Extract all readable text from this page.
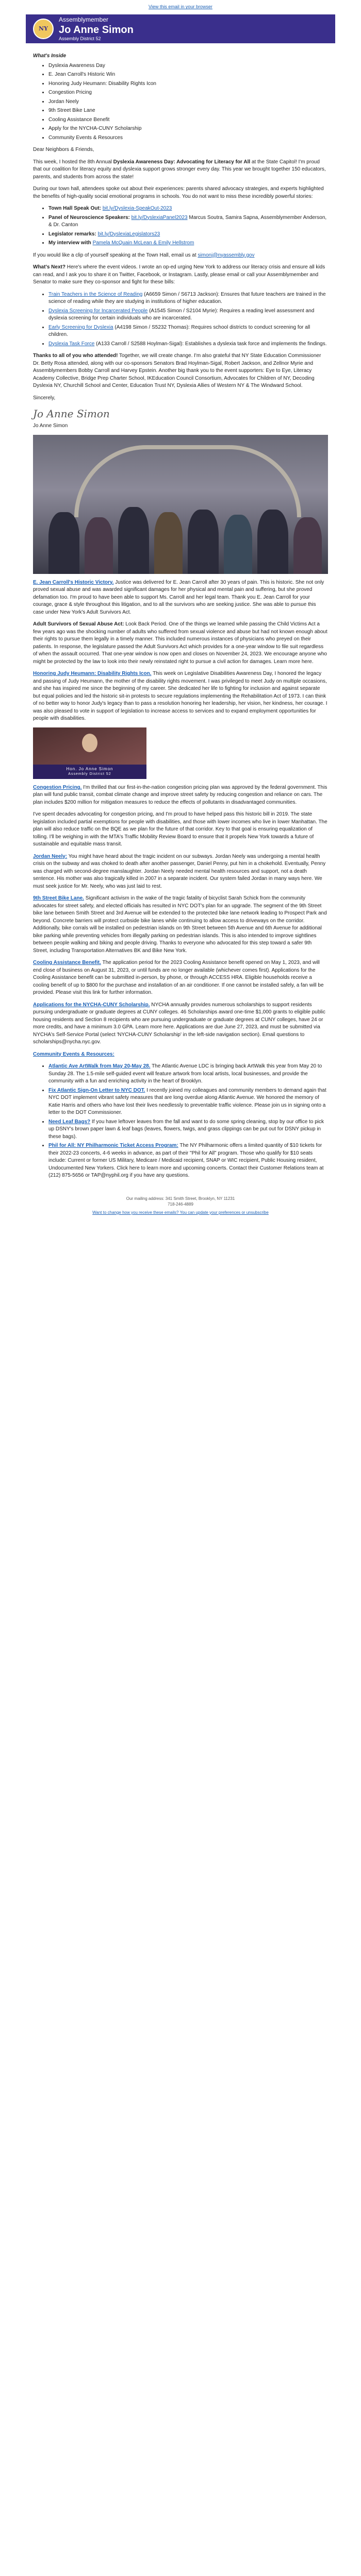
View this email in your browser
NY
Assemblymember
Jo Anne Simon
Assembly District 52
What's Inside
• Dyslexia Awareness Day
• E. Jean Carroll's Historic Win
• Honoring Judy Heumann: Disability Rights Icon
• Congestion Pricing
• Jordan Neely
• 9th Street Bike Lane
• Cooling Assistance Benefit
• Apply for the NYCHA-CUNY Scholarship
• Community Events & Resources

Dear Neighbors & Friends,

This week, I hosted the 8th Annual Dyslexia Awareness Day: Advocating for Literacy for All at the State Capitol! I'm proud that our coalition for literacy equity and dyslexia support grows stronger every day. This year we brought together 150 educators, parents, and students from across the state!

During our town hall, attendees spoke out about their experiences: parents shared advocacy strategies, and experts highlighted the benefits of high-quality social emotional programs in schools. You do not want to miss these incredibly powerful stories:

• Town Hall Speak Out: bit.ly/Dyslexia-SpeakOut-2023
• Panel of Neuroscience Speakers: bit.ly/DyslexiaPanel2023 Marcus Soutra, Samira Sapna, Assemblymember Anderson, & Dr. Canton
• Legislator remarks: bit.ly/DyslexiaLegislators23
• My interview with Pamela McQuain McLean & Emily Hellstrom

If you would like a clip of yourself speaking at the Town Hall, email us at simonj@nyassembly.gov

What's Next? Here's where the event videos. I wrote an op-ed urging New York to address our literacy crisis and ensure all kids can read, and I ask you to share it on Twitter, Facebook, or Instagram. Lastly, please email or call your Assemblymember and Senator to make sure they co-sponsor and fight for these bills:

• Train Teachers in the Science of Reading (A6659 Simon / S6713 Jackson): Ensures that future teachers are trained in the science of reading while they are studying in institutions of higher education.
• Dyslexia Screening for Incarcerated People (A1545 Simon / S2104 Myrie): Requires a reading level assessment and dyslexia screening for certain individuals who are incarcerated.
• Early Screening for Dyslexia (A4198 Simon / S5232 Thomas): Requires school districts to conduct screening for all children.
• Dyslexia Task Force (A133 Carroll / S2588 Hoylman-Sigal): Establishes a dyslexia task force and implements the findings.

Thanks to all of you who attended! Together, we will create change. I'm also grateful that NY State Education Commissioner Dr. Betty Rosa attended, along with our co-sponsors Senators Brad Hoylman-Sigal, Robert Jackson, and Zellnor Myrie and Assemblymembers Bobby Carroll and Harvey Epstein. Another big thank you to the event supporters: Eye to Eye, Literacy Academy Collective, Bridge Prep Charter School, IKEducation Council Consortium, Advocates for Children of NY, Decoding Dyslexia NY, Churchill School and Center, Education Trust NY, Dyslexia Allies of Western NY & The Windward School.

Sincerely,

Jo Anne Simon

Jo Anne Simon

E. Jean Carroll's Historic Victory. Justice was delivered for E. Jean Carroll after 30 years of pain. This is historic. She not only proved sexual abuse and was awarded significant damages for her physical and mental pain and suffering, but she proved defamation too. I'm proud to have been able to support Ms. Carroll and her legal team. Thank you E. Jean Carroll for your courage, grace & style throughout this litigation, and to all the survivors who are seeking justice. She was able to pursue this case under New York's Adult Survivors Act.

Adult Survivors of Sexual Abuse Act: Look Back Period. One of the things we learned while passing the Child Victims Act a few years ago was the shocking number of adults who suffered from sexual violence and abuse but had not known enough about their rights to pursue them legally in a timely manner. This included numerous instances of physicians who preyed on their patients. In response, the legislature passed the Adult Survivors Act which provides for a one-year window to file suit regardless of when the assault occurred. That one-year window is now open and closes on November 24, 2023. We encourage anyone who might be protected by the law to look into their newly reinstated right to pursue a civil action for damages. Learn more here.

Honoring Judy Heumann: Disability Rights Icon. This week on Legislative Disabilities Awareness Day, I honored the legacy and passing of Judy Heumann, the mother of the disability rights movement. I was privileged to meet Judy on multiple occasions, and she has inspired me since the beginning of my career. She dedicated her life to fighting for inclusion and against separate but equal policies and led the historic sit-in protests to secure regulations implementing the Rehabilitation Act of 1973. I can think of no better way to honor Judy's legacy than to pass a resolution honoring her leadership, her vision, her kindness, her courage. I was also pleased to vote in support of legislation to increase access to services and to expand employment opportunities for people with disabilities.

Hon. Jo Anne Simon
Assembly District 52

Congestion Pricing. I'm thrilled that our first-in-the-nation congestion pricing plan was approved by the federal government. This plan will fund public transit, combat climate change and improve street safety by reducing congestion and reliance on cars. The plan includes $200 million for mitigation measures to reduce the effects of pollutants in disadvantaged communities.

I've spent decades advocating for congestion pricing, and I'm proud to have helped pass this historic bill in 2019. The state legislation included partial exemptions for people with disabilities, and those with lower incomes who live in lower Manhattan. The plan will also reduce traffic on the BQE as we plan for the future of that corridor. Key to that goal is ensuring equalization of tolling. I'll be weighing in with the MTA's Traffic Mobility Review Board to ensure that it propels New York towards a future of sustainable and equitable mass transit.

Jordan Neely: You might have heard about the tragic incident on our subways. Jordan Neely was undergoing a mental health crisis on the subway and was choked to death after another passenger, Daniel Penny, put him in a chokehold. Eventually, Penny was charged with second-degree manslaughter. Jordan Neely needed mental health resources and support, not a death sentence. His mother was also tragically killed in 2007 in a separate incident. Our system failed Jordan in many ways here. We must seek justice for Mr. Neely, who was just laid to rest.

9th Street Bike Lane. Significant activism in the wake of the tragic fatality of bicyclist Sarah Schick from the community advocates for street safety, and elected officials has resulted in NYC DOT's plan for an upgrade. The segment of the 9th Street bike lane between Smith Street and 3rd Avenue will be extended to the protected bike lane network leading to Prospect Park and beyond. Concrete barriers will protect curbside bike lanes while continuing to allow access to driveways on the corridor. Additionally, bike corrals will be installed on pedestrian islands on 9th Street between 5th Avenue and 6th Avenue for additional bike parking while preventing vehicles from illegally parking on pedestrian islands. This is also intended to improve sightlines between people walking and biking and people driving. Thanks to everyone who advocated for this step toward a safer 9th Street, including Transportation Alternatives BK and Bike New York.

Cooling Assistance Benefit. The application period for the 2023 Cooling Assistance benefit opened on May 1, 2023, and will end close of business on August 31, 2023, or until funds are no longer available (whichever comes first). Applications for the Cooling Assistance benefit can be submitted in-person, by phone, or through ACCESS HRA. Eligible households receive a cooling benefit of up to $800 for the purchase and installation of an air conditioner. If one cannot be installed safely, a fan will be provided. Please visit this link for further information.

Applications for the NYCHA-CUNY Scholarship. NYCHA annually provides numerous scholarships to support residents pursuing undergraduate or graduate degrees at CUNY colleges. 46 Scholarships award one-time $1,000 grants to eligible public housing residents and Section 8 recipients who are pursuing undergraduate or graduate degrees at CUNY colleges, have 24 or more credits, and have a minimum 3.0 GPA. Learn more here. Applications are due June 27, 2023, and must be submitted via NYCHA's Self-Service Portal (select 'NYCHA-CUNY Scholarship' in the left-side navigation section). Email questions to scholarships@nycha.nyc.gov.

Community Events & Resources:

• Atlantic Ave ArtWalk from May 20-May 28. The Atlantic Avenue LDC is bringing back ArtWalk this year from May 20 to Sunday 28. The 1.5-mile self-guided event will feature artwork from local artists, local businesses, and provide the community with a fun and enriching activity in the heart of Brooklyn.
• Fix Atlantic Sign-On Letter to NYC DOT. I recently joined my colleagues and community members to demand again that NYC DOT implement vibrant safety measures that are long overdue along Atlantic Avenue. We honored the memory of Katie Harris and others who have lost their lives needlessly to preventable traffic violence. Please join us in signing onto a letter to the DOT Commissioner.
• Need Leaf Bags? If you have leftover leaves from the fall and want to do some spring cleaning, stop by our office to pick up DSNY's brown paper lawn & leaf bags (leaves, flowers, twigs, and grass clippings can be put out for DSNY pickup in these bags).
• Phil for All: NY Philharmonic Ticket Access Program: The NY Philharmonic offers a limited quantity of $10 tickets for their 2022-23 concerts, 4-6 weeks in advance, as part of their "Phil for All" program. Those who qualify for $10 seats include: Current or former US Military, Medicare / Medicaid recipient, SNAP or WIC recipient, Public Housing resident, Undocumented New Yorkers. Click here to learn more and upcoming concerts. Contact their Customer Relations team at (212) 875-5656 or TAP@nyphil.org if you have any questions.
Our mailing address: 341 Smith Street, Brooklyn, NY 11231
718-246-4889
Want to change how you receive these emails? You can update your preferences or unsubscribe
